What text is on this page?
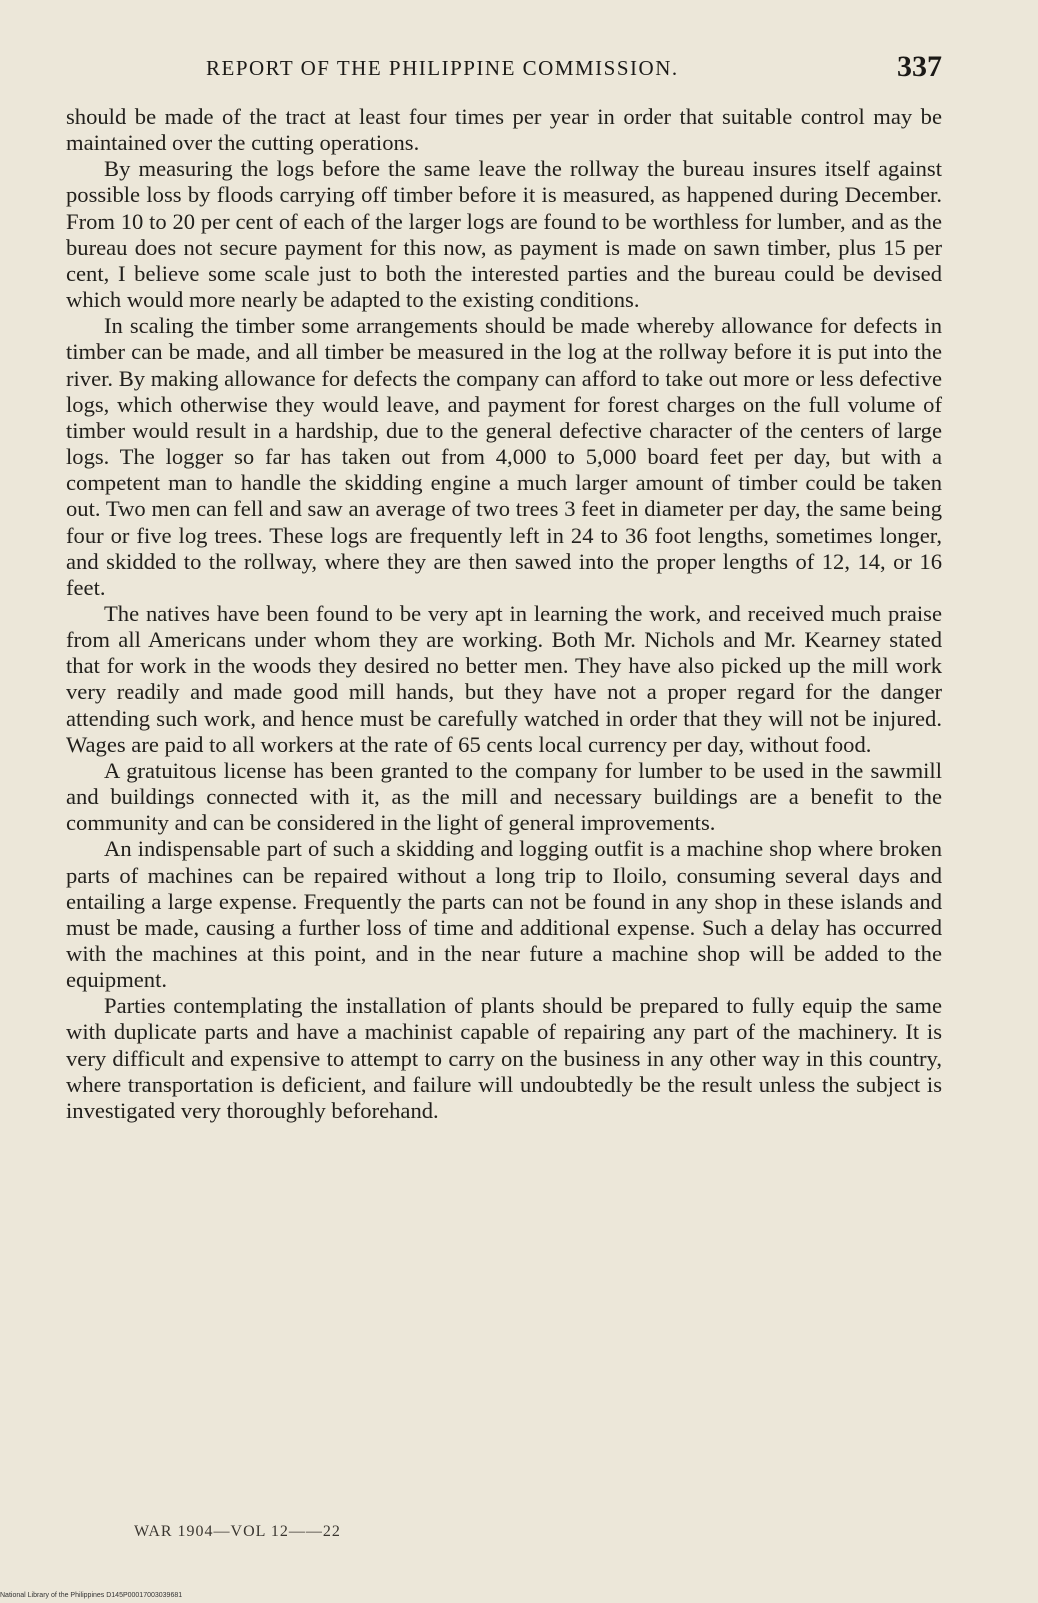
REPORT OF THE PHILIPPINE COMMISSION.	337

should be made of the tract at least four times per year in order that suitable control may be maintained over the cutting operations.

By measuring the logs before the same leave the rollway the bureau insures itself against possible loss by floods carrying off timber before it is measured, as happened during December. From 10 to 20 per cent of each of the larger logs are found to be worthless for lumber, and as the bureau does not secure payment for this now, as payment is made on sawn timber, plus 15 per cent, I believe some scale just to both the interested parties and the bureau could be devised which would more nearly be adapted to the existing conditions.

In scaling the timber some arrangements should be made whereby allowance for defects in timber can be made, and all timber be measured in the log at the rollway before it is put into the river. By making allowance for defects the company can afford to take out more or less defective logs, which otherwise they would leave, and payment for forest charges on the full volume of timber would result in a hardship, due to the general defective character of the centers of large logs. The logger so far has taken out from 4,000 to 5,000 board feet per day, but with a competent man to handle the skidding engine a much larger amount of timber could be taken out. Two men can fell and saw an average of two trees 3 feet in diameter per day, the same being four or five log trees. These logs are frequently left in 24 to 36 foot lengths, sometimes longer, and skidded to the rollway, where they are then sawed into the proper lengths of 12, 14, or 16 feet.

The natives have been found to be very apt in learning the work, and received much praise from all Americans under whom they are working. Both Mr. Nichols and Mr. Kearney stated that for work in the woods they desired no better men. They have also picked up the mill work very readily and made good mill hands, but they have not a proper regard for the danger attending such work, and hence must be carefully watched in order that they will not be injured. Wages are paid to all workers at the rate of 65 cents local currency per day, without food.

A gratuitous license has been granted to the company for lumber to be used in the sawmill and buildings connected with it, as the mill and necessary buildings are a benefit to the community and can be considered in the light of general improvements.

An indispensable part of such a skidding and logging outfit is a machine shop where broken parts of machines can be repaired without a long trip to Iloilo, consuming several days and entailing a large expense. Frequently the parts can not be found in any shop in these islands and must be made, causing a further loss of time and additional expense. Such a delay has occurred with the machines at this point, and in the near future a machine shop will be added to the equipment.

Parties contemplating the installation of plants should be prepared to fully equip the same with duplicate parts and have a machinist capable of repairing any part of the machinery. It is very difficult and expensive to attempt to carry on the business in any other way in this country, where transportation is deficient, and failure will undoubtedly be the result unless the subject is investigated very thoroughly beforehand.

WAR 1904—VOL 12——22
National Library of the Philippines D145P00017003039681
